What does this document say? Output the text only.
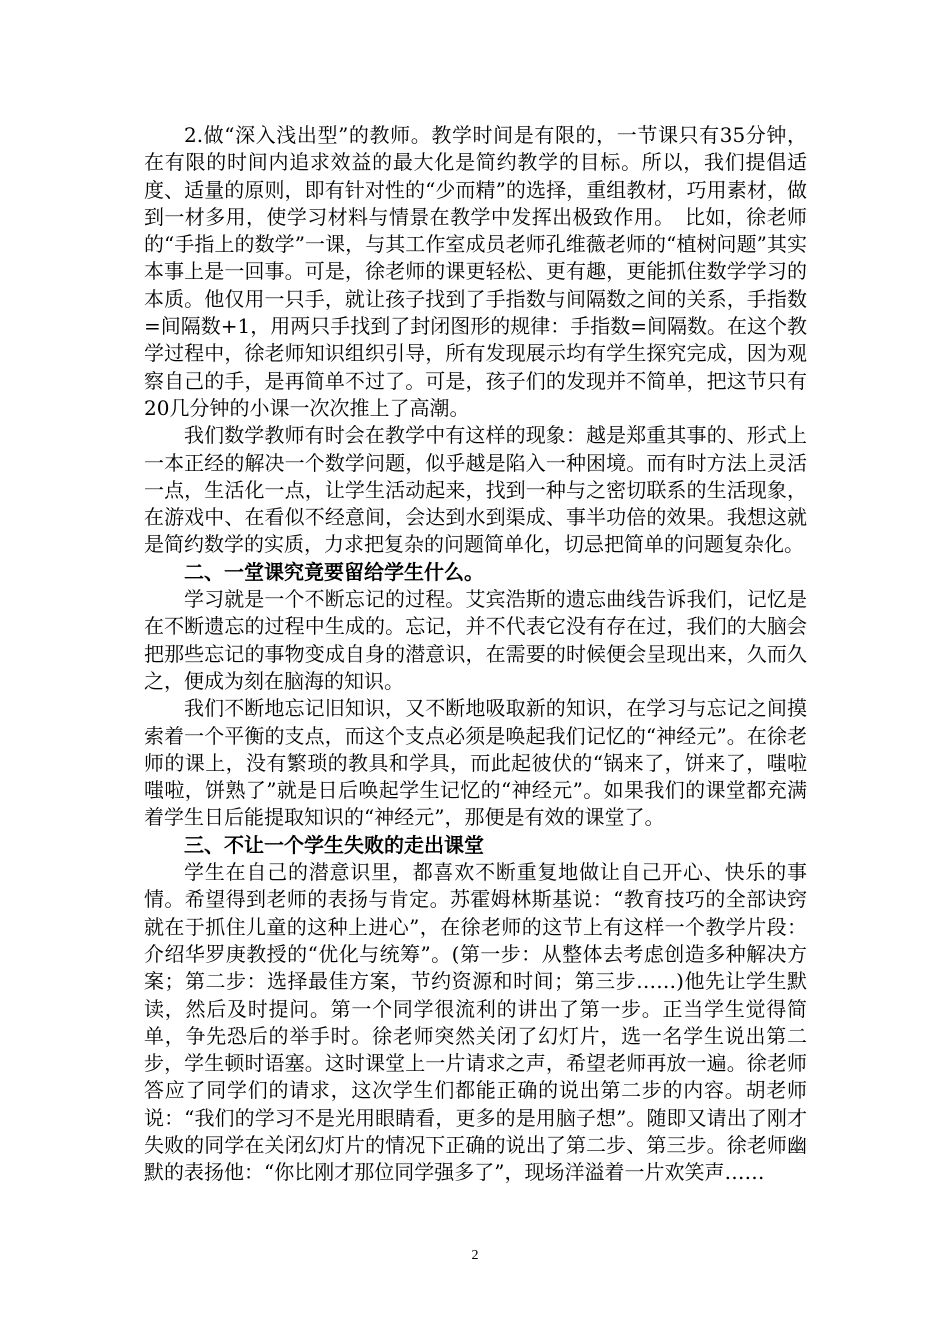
2.做“深入浅出型”的教师。教学时间是有限的，一节课只有35分钟，在有限的时间内追求效益的最大化是简约教学的目标。所以，我们提倡适度、适量的原则，即有针对性的“少而精”的选择，重组教材，巧用素材，做到一材多用，使学习材料与情景在教学中发挥出极致作用。　比如，徐老师的“手指上的数学”一课，与其工作室成员老师孔维薇老师的“植树问题”其实本事上是一回事。可是，徐老师的课更轻松、更有趣，更能抓住数学学习的本质。他仅用一只手，就让孩子找到了手指数与间隔数之间的关系，手指数=间隔数+1，用两只手找到了封闭图形的规律：手指数=间隔数。在这个教学过程中，徐老师知识组织引导，所有发现展示均有学生探究完成，因为观察自己的手，是再简单不过了。可是，孩子们的发现并不简单，把这节只有20几分钟的小课一次次推上了高潮。

我们数学教师有时会在教学中有这样的现象：越是郑重其事的、形式上一本正经的解决一个数学问题，似乎越是陷入一种困境。而有时方法上灵活一点，生活化一点，让学生活动起来，找到一种与之密切联系的生活现象，在游戏中、在看似不经意间，会达到水到渠成、事半功倍的效果。我想这就是简约数学的实质，力求把复杂的问题简单化，切忌把简单的问题复杂化。

二、一堂课究竟要留给学生什么。

学习就是一个不断忘记的过程。艾宾浩斯的遗忘曲线告诉我们，记忆是在不断遗忘的过程中生成的。忘记，并不代表它没有存在过，我们的大脑会把那些忘记的事物变成自身的潜意识，在需要的时候便会呈现出来，久而久之，便成为刻在脑海的知识。

我们不断地忘记旧知识，又不断地吸取新的知识，在学习与忘记之间摸索着一个平衡的支点，而这个支点必须是唤起我们记忆的“神经元”。在徐老师的课上，没有繁琐的教具和学具，而此起彼伏的“锅来了，饼来了，嗤啦嗤啦，饼熟了”就是日后唤起学生记忆的“神经元”。如果我们的课堂都充满着学生日后能提取知识的“神经元”，那便是有效的课堂了。

三、不让一个学生失败的走出课堂

学生在自己的潜意识里，都喜欢不断重复地做让自己开心、快乐的事情。希望得到老师的表扬与肯定。苏霍姆林斯基说：“教育技巧的全部诀窍就在于抓住儿童的这种上进心”，在徐老师的这节上有这样一个教学片段：介绍华罗庚教授的“优化与统筹”。(第一步：从整体去考虑创造多种解决方案；第二步：选择最佳方案，节约资源和时间；第三步……)他先让学生默读，然后及时提问。第一个同学很流利的讲出了第一步。正当学生觉得简单，争先恐后的举手时。徐老师突然关闭了幻灯片，选一名学生说出第二步，学生顿时语塞。这时课堂上一片请求之声，希望老师再放一遍。徐老师答应了同学们的请求，这次学生们都能正确的说出第二步的内容。胡老师说：“我们的学习不是光用眼睛看，更多的是用脑子想”。随即又请出了刚才失败的同学在关闭幻灯片的情况下正确的说出了第二步、第三步。徐老师幽默的表扬他：“你比刚才那位同学强多了”，现场洋溢着一片欢笑声……

2
